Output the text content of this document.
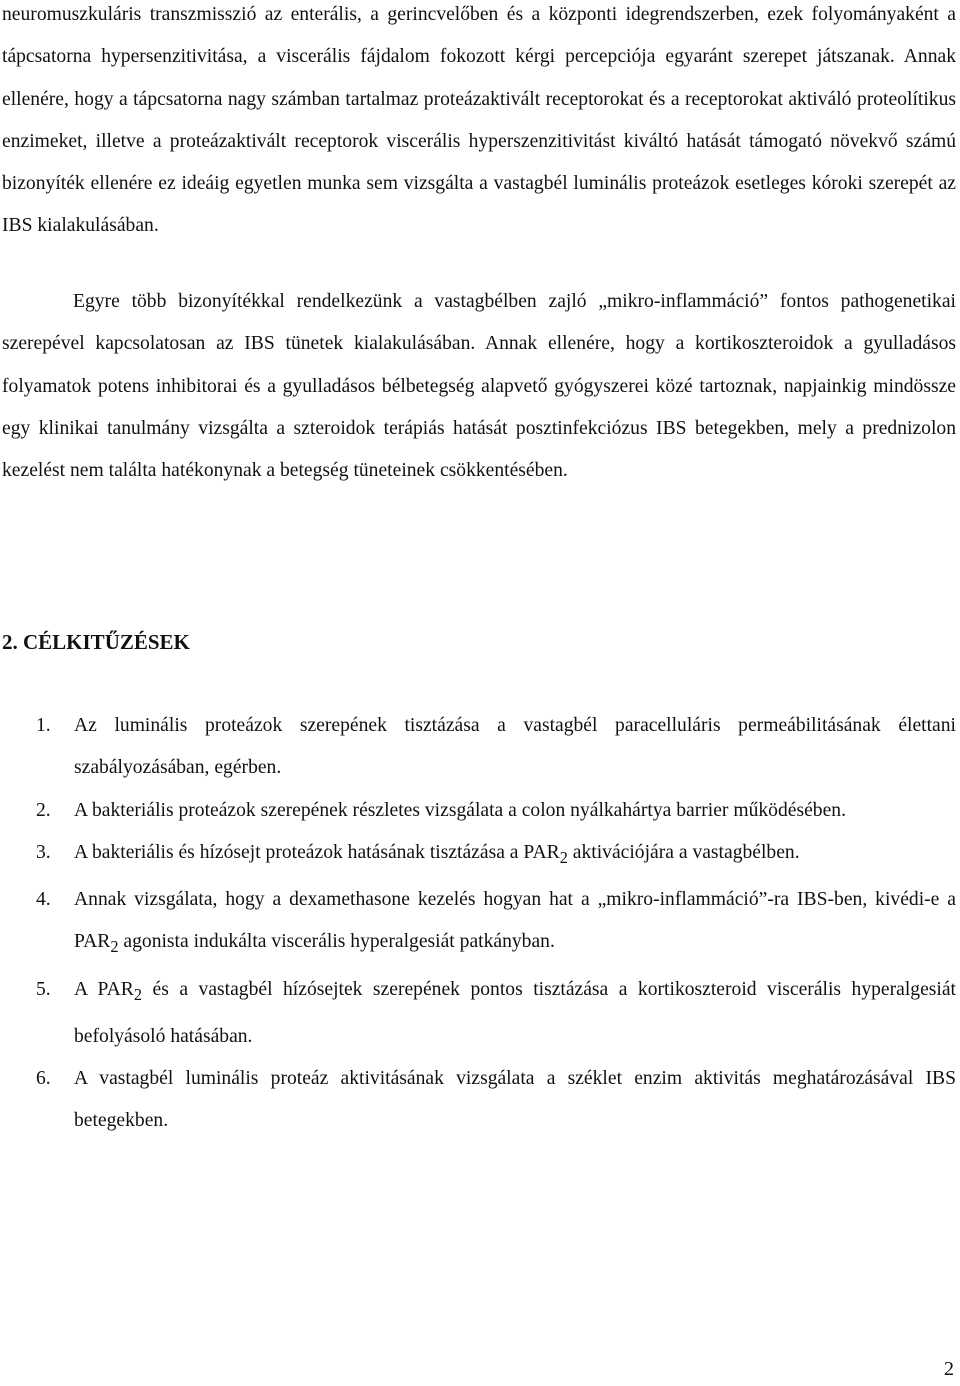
neuromuszkuláris transzmisszió az enterális, a gerincvelőben és a központi idegrendszerben, ezek folyományaként a tápcsatorna hypersenzitivitása, a viscerális fájdalom fokozott kérgi percepciója egyaránt szerepet játszanak. Annak ellenére, hogy a tápcsatorna nagy számban tartalmaz proteázaktivált receptorokat és a receptorokat aktiváló proteolítikus enzimeket, illetve a proteázaktivált receptorok viscerális hyperszenzitivitást kiváltó hatását támogató növekvő számú bizonyíték ellenére ez ideáig egyetlen munka sem vizsgálta a vastagbél luminális proteázok esetleges kóroki szerepét az IBS kialakulásában.

Egyre több bizonyítékkal rendelkezünk a vastagbélben zajló „mikro-inflammáció” fontos pathogenetikai szerepével kapcsolatosan az IBS tünetek kialakulásában. Annak ellenére, hogy a kortikoszteroidok a gyulladásos folyamatok potens inhibitorai és a gyulladásos bélbetegség alapvető gyógyszerei közé tartoznak, napjainkig mindössze egy klinikai tanulmány vizsgálta a szteroidok terápiás hatását posztinfekciózus IBS betegekben, mely a prednizolon kezelést nem találta hatékonynak a betegség tüneteinek csökkentésében.

2. CÉLKITŰZÉSEK
1. Az luminális proteázok szerepének tisztázása a vastagbél paracelluláris permeábilitásának élettani szabályozásában, egérben.
2. A bakteriális proteázok szerepének részletes vizsgálata a colon nyálkahártya barrier működésében.
3. A bakteriális és hízósejt proteázok hatásának tisztázása a $PAR_2$ aktivációjára a vastagbélben.
4. Annak vizsgálata, hogy a dexamethasone kezelés hogyan hat a „mikro-inflammáció”-ra IBS-ben, kivédi-e a $PAR_2$ agonista indukálta viscerális hyperalgesiát patkányban.
5. A $PAR_2$ és a vastagbél hízósejtek szerepének pontos tisztázása a kortikoszteroid viscerális hyperalgesiát befolyásoló hatásában.
6. A vastagbél luminális proteáz aktivitásának vizsgálata a széklet enzim aktivitás meghatározásával IBS betegekben.
2
